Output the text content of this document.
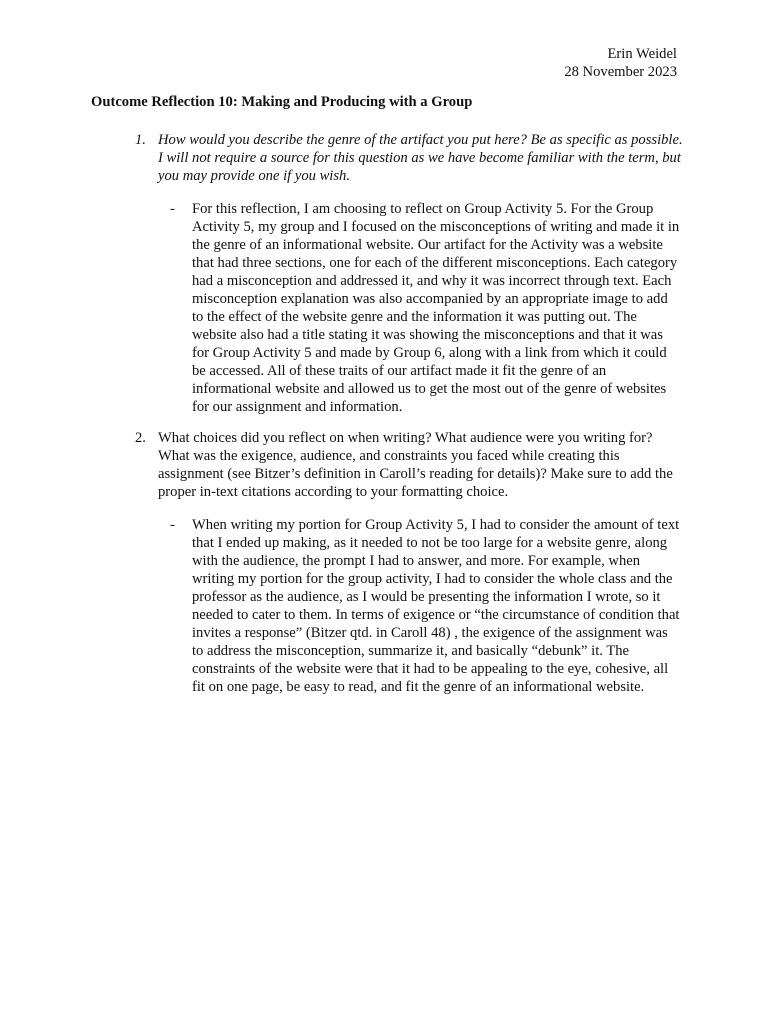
Erin Weidel
28 November 2023
Outcome Reflection 10: Making and Producing with a Group
1. How would you describe the genre of the artifact you put here? Be as specific as possible. I will not require a source for this question as we have become familiar with the term, but you may provide one if you wish.
- For this reflection, I am choosing to reflect on Group Activity 5. For the Group Activity 5, my group and I focused on the misconceptions of writing and made it in the genre of an informational website. Our artifact for the Activity was a website that had three sections, one for each of the different misconceptions. Each category had a misconception and addressed it, and why it was incorrect through text. Each misconception explanation was also accompanied by an appropriate image to add to the effect of the website genre and the information it was putting out. The website also had a title stating it was showing the misconceptions and that it was for Group Activity 5 and made by Group 6, along with a link from which it could be accessed. All of these traits of our artifact made it fit the genre of an informational website and allowed us to get the most out of the genre of websites for our assignment and information.
2. What choices did you reflect on when writing? What audience were you writing for? What was the exigence, audience, and constraints you faced while creating this assignment (see Bitzer’s definition in Caroll’s reading for details)? Make sure to add the proper in-text citations according to your formatting choice.
- When writing my portion for Group Activity 5, I had to consider the amount of text that I ended up making, as it needed to not be too large for a website genre, along with the audience, the prompt I had to answer, and more. For example, when writing my portion for the group activity, I had to consider the whole class and the professor as the audience, as I would be presenting the information I wrote, so it needed to cater to them. In terms of exigence or “the circumstance of condition that invites a response” (Bitzer qtd. in Caroll 48) , the exigence of the assignment was to address the misconception, summarize it, and basically “debunk” it. The constraints of the website were that it had to be appealing to the eye, cohesive, all fit on one page, be easy to read, and fit the genre of an informational website.
